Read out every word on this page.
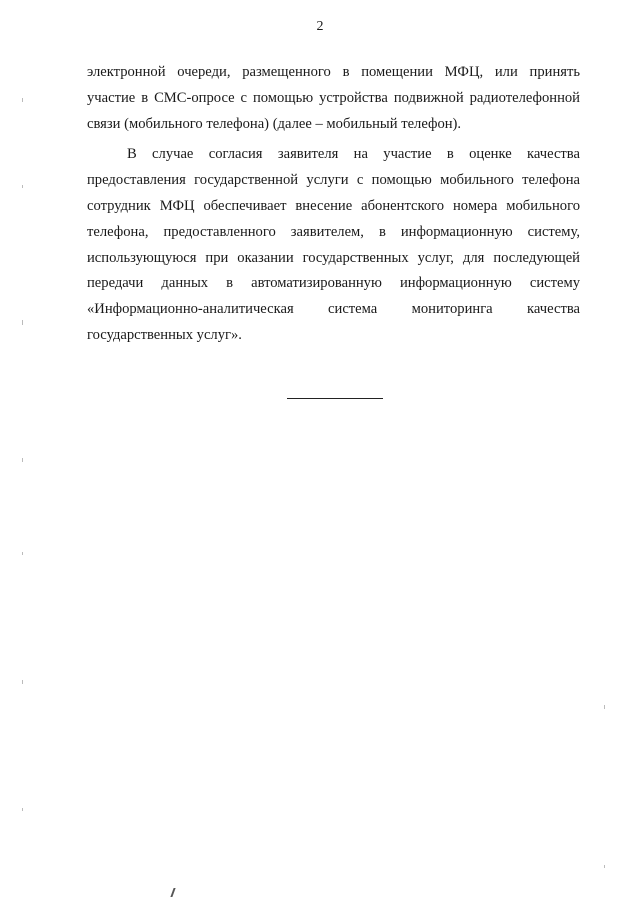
2
электронной очереди, размещенного в помещении МФЦ, или принять
участие в СМС-опросе с помощью устройства подвижной радиотелефонной
связи (мобильного телефона) (далее – мобильный телефон).
В случае согласия заявителя на участие в оценке качества
предоставления государственной услуги с помощью мобильного телефона
сотрудник МФЦ обеспечивает внесение абонентского номера мобильного
телефона, предоставленного заявителем, в информационную систему,
использующуюся при оказании государственных услуг, для последующей
передачи данных в автоматизированную информационную систему
«Информационно-аналитическая система мониторинга качества
государственных услуг».
